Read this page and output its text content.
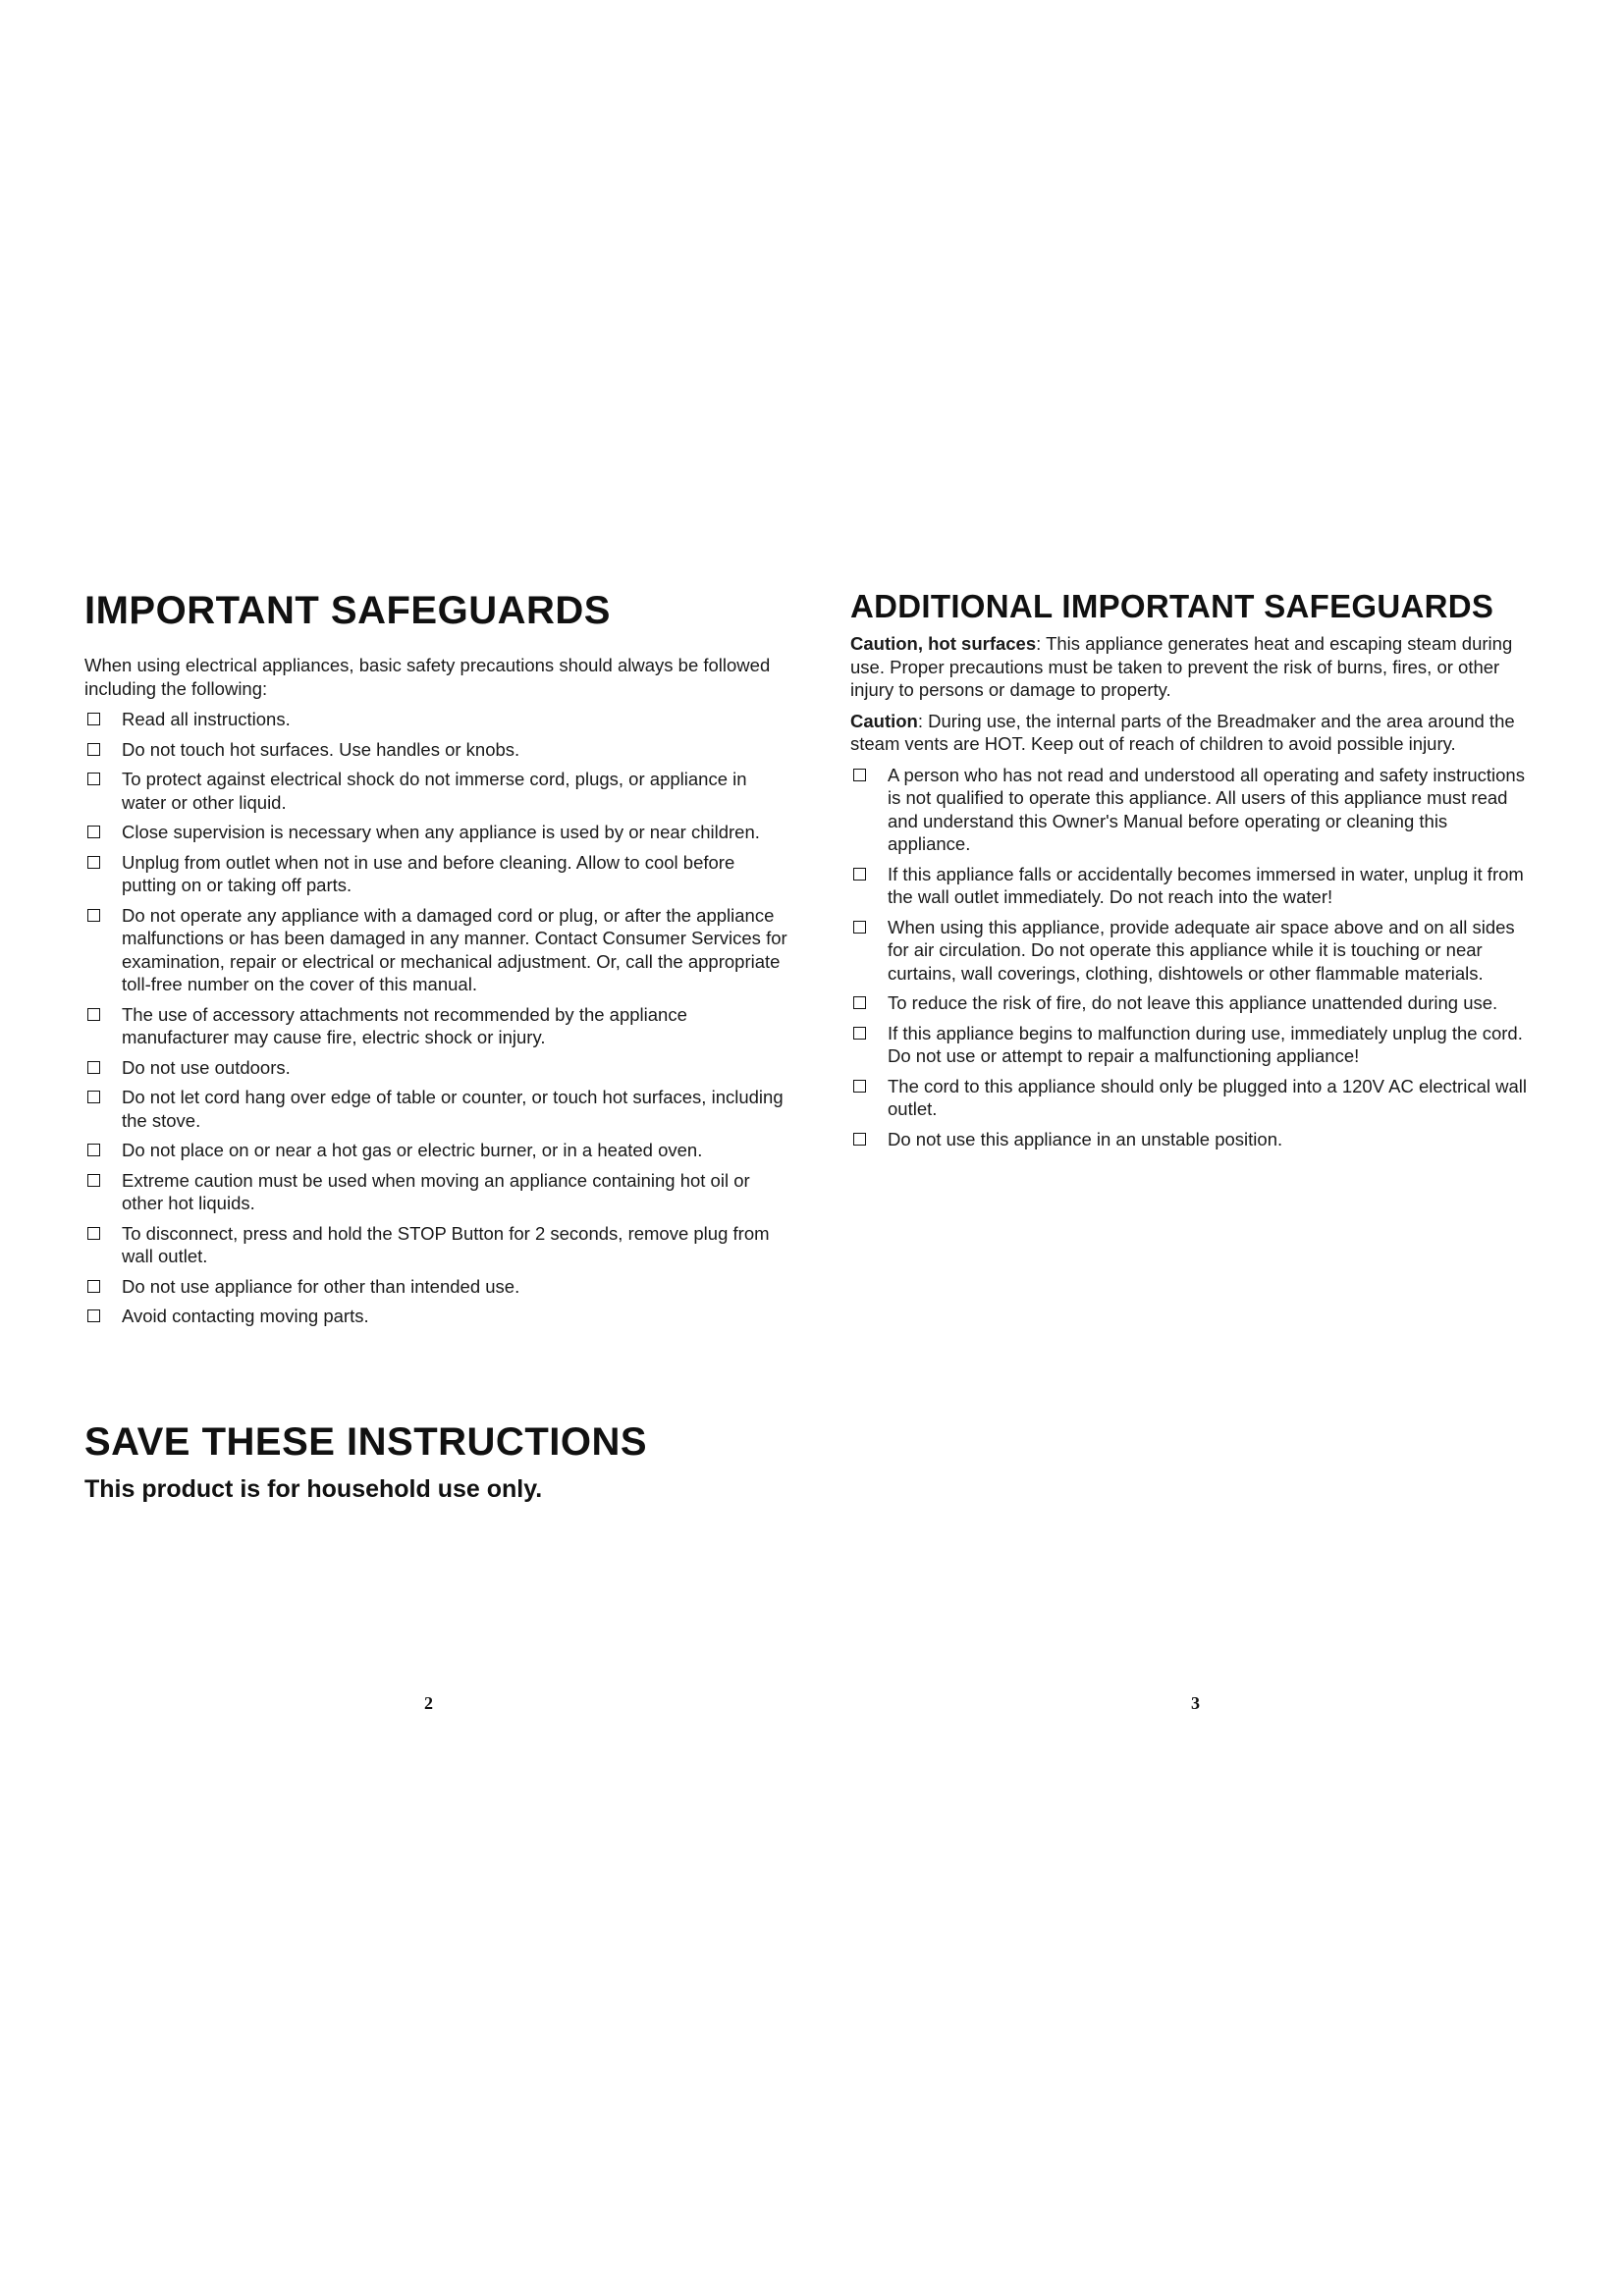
IMPORTANT SAFEGUARDS

When using electrical appliances, basic safety precautions should always be followed including the following:

Read all instructions.
Do not touch hot surfaces. Use handles or knobs.
To protect against electrical shock do not immerse cord, plugs, or appliance in water or other liquid.
Close supervision is necessary when any appliance is used by or near children.
Unplug from outlet when not in use and before cleaning. Allow to cool before putting on or taking off parts.
Do not operate any appliance with a damaged cord or plug, or after the appliance malfunctions or has been damaged in any manner. Contact Consumer Services for examination, repair or electrical or mechanical adjustment. Or, call the appropriate toll-free number on the cover of this manual.
The use of accessory attachments not recommended by the appliance manufacturer may cause fire, electric shock or injury.
Do not use outdoors.
Do not let cord hang over edge of table or counter, or touch hot surfaces, including the stove.
Do not place on or near a hot gas or electric burner, or in a heated oven.
Extreme caution must be used when moving an appliance containing hot oil or other hot liquids.
To disconnect, press and hold the STOP Button for 2 seconds, remove plug from wall outlet.
Do not use appliance for other than intended use.
Avoid contacting moving parts.
SAVE THESE INSTRUCTIONS

This product is for household use only.

ADDITIONAL IMPORTANT SAFEGUARDS

Caution, hot surfaces: This appliance generates heat and escaping steam during use. Proper precautions must be taken to prevent the risk of burns, fires, or other injury to persons or damage to property.

Caution: During use, the internal parts of the Breadmaker and the area around the steam vents are HOT. Keep out of reach of children to avoid possible injury.

A person who has not read and understood all operating and safety instructions is not qualified to operate this appliance. All users of this appliance must read and understand this Owner's Manual before operating or cleaning this appliance.
If this appliance falls or accidentally becomes immersed in water, unplug it from the wall outlet immediately. Do not reach into the water!
When using this appliance, provide adequate air space above and on all sides for air circulation. Do not operate this appliance while it is touching or near curtains, wall coverings, clothing, dishtowels or other flammable materials.
To reduce the risk of fire, do not leave this appliance unattended during use.
If this appliance begins to malfunction during use, immediately unplug the cord. Do not use or attempt to repair a malfunctioning appliance!
The cord to this appliance should only be plugged into a 120V AC electrical wall outlet.
Do not use this appliance in an unstable position.
2	3
